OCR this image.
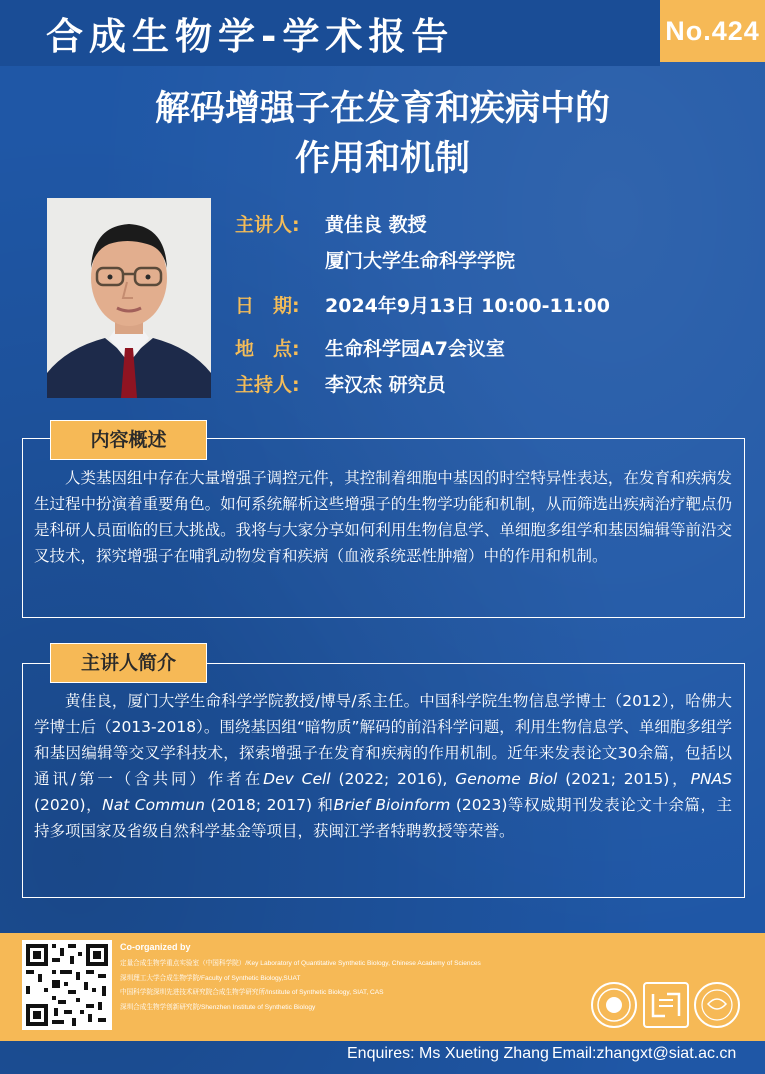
合成生物学-学术报告	No.424
解码增强子在发育和疾病中的
作用和机制
主讲人:	黄佳良 教授
厦门大学生命科学学院
日　期:	2024年9月13日 10:00-11:00
地　点:	生命科学园A7会议室
主持人:	李汉杰 研究员
内容概述
人类基因组中存在大量增强子调控元件，其控制着细胞中基因的时空特异性表达，在发育和疾病发生过程中扮演着重要角色。如何系统解析这些增强子的生物学功能和机制，从而筛选出疾病治疗靶点仍是科研人员面临的巨大挑战。我将与大家分享如何利用生物信息学、单细胞多组学和基因编辑等前沿交叉技术，探究增强子在哺乳动物发育和疾病（血液系统恶性肿瘤）中的作用和机制。
主讲人简介
黄佳良，厦门大学生命科学学院教授/博导/系主任。中国科学院生物信息学博士（2012），哈佛大学博士后（2013-2018）。围绕基因组“暗物质”解码的前沿科学问题，利用生物信息学、单细胞多组学和基因编辑等交叉学科技术，探索增强子在发育和疾病的作用机制。近年来发表论文30余篇，包括以通讯/第一（含共同）作者在Dev Cell (2022; 2016), Genome Biol (2021; 2015)，PNAS (2020)，Nat Commun (2018; 2017) 和Brief Bioinform (2023)等权威期刊发表论文十余篇，主持多项国家及省级自然科学基金等项目，获闽江学者特聘教授等荣誉。
Co-organized by
定量合成生物学重点实验室（中国科学院）/Key Laboratory of Quantitative Synthetic Biology, Chinese Academy of Sciences
深圳理工大学合成生物学院/Faculty of Synthetic Biology,SUAT
中国科学院深圳先进技术研究院合成生物学研究所/Institute of Synthetic Biology, SIAT, CAS
深圳合成生物学创新研究院/Shenzhen Institute of Synthetic Biology
Enquires: Ms Xueting Zhang Email:zhangxt@siat.ac.cn
